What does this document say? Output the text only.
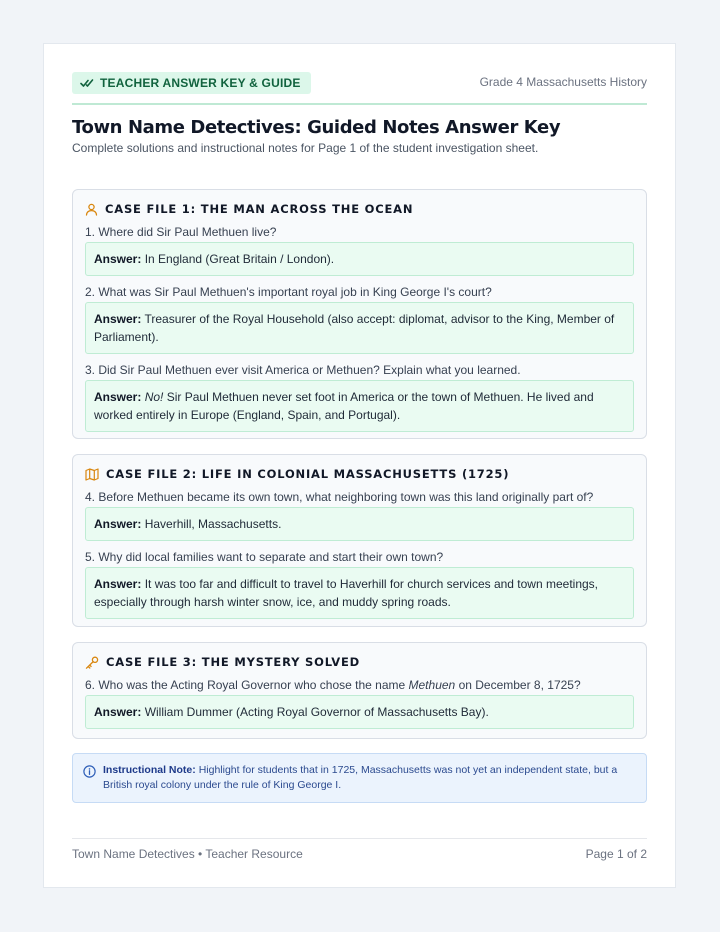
TEACHER ANSWER KEY & GUIDE	Grade 4 Massachusetts History
Town Name Detectives: Guided Notes Answer Key
Complete solutions and instructional notes for Page 1 of the student investigation sheet.
CASE FILE 1: THE MAN ACROSS THE OCEAN
1. Where did Sir Paul Methuen live?
Answer: In England (Great Britain / London).
2. What was Sir Paul Methuen's important royal job in King George I's court?
Answer: Treasurer of the Royal Household (also accept: diplomat, advisor to the King, Member of Parliament).
3. Did Sir Paul Methuen ever visit America or Methuen? Explain what you learned.
Answer: No! Sir Paul Methuen never set foot in America or the town of Methuen. He lived and worked entirely in Europe (England, Spain, and Portugal).
CASE FILE 2: LIFE IN COLONIAL MASSACHUSETTS (1725)
4. Before Methuen became its own town, what neighboring town was this land originally part of?
Answer: Haverhill, Massachusetts.
5. Why did local families want to separate and start their own town?
Answer: It was too far and difficult to travel to Haverhill for church services and town meetings, especially through harsh winter snow, ice, and muddy spring roads.
CASE FILE 3: THE MYSTERY SOLVED
6. Who was the Acting Royal Governor who chose the name Methuen on December 8, 1725?
Answer: William Dummer (Acting Royal Governor of Massachusetts Bay).
Instructional Note: Highlight for students that in 1725, Massachusetts was not yet an independent state, but a British royal colony under the rule of King George I.
Town Name Detectives • Teacher Resource	Page 1 of 2
